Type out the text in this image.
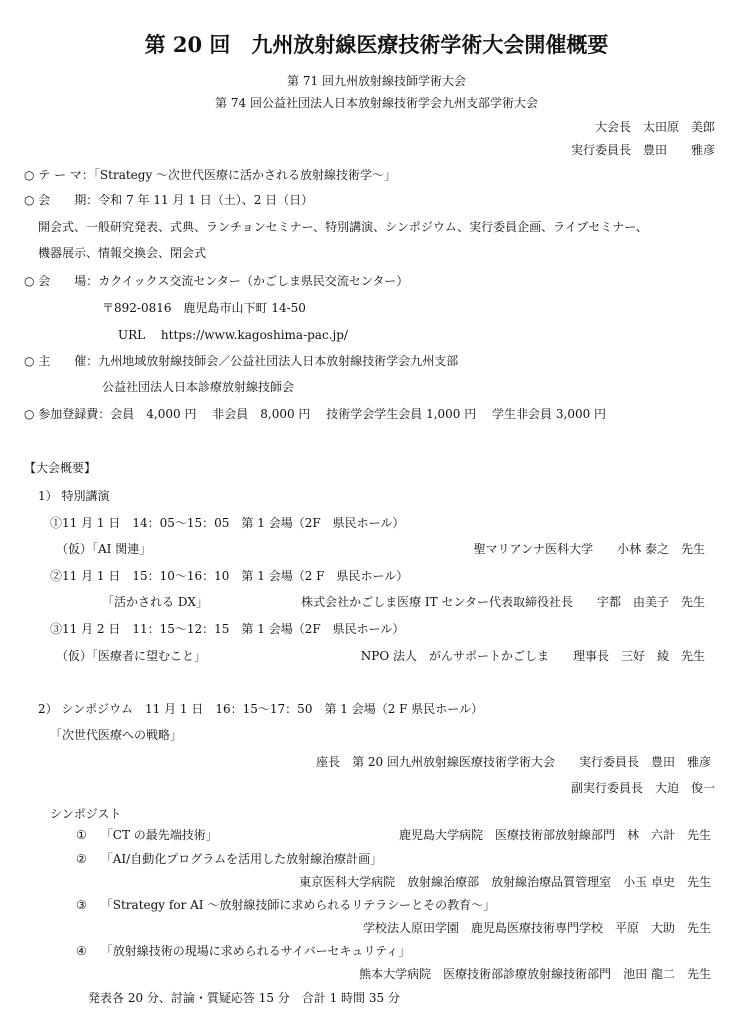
第 20 回　九州放射線医療技術学術大会開催概要
第 71 回九州放射線技師学術大会
第 74 回公益社団法人日本放射線技術学会九州支部学術大会
大会長 太田原　美郎
実行委員長 豊田　　雅彦
○ テ ー マ：「Strategy ～次世代医療に活かされる放射線技術学～」
○ 会　　期：令和 7 年 11 月 1 日（土）、2 日（日）
開会式、一般研究発表、式典、ランチョンセミナー、特別講演、シンポジウム、実行委員企画、ライブセミナー、
機器展示、情報交換会、閉会式
○ 会　　場：カクイックス交流センター（かごしま県民交流センター）
〒892-0816　鹿児島市山下町 14-50
URL　 https://www.kagoshima-pac.jp/
○ 主　　催：九州地域放射線技師会／公益社団法人日本放射線技術学会九州支部
公益社団法人日本診療放射線技師会
○ 参加登録費：会員　4,000 円　 非会員　8,000 円　 技術学会学生会員 1,000 円　 学生非会員 3,000 円
【大会概要】
1） 特別講演
①11 月 1 日　14：05～15：05　第 1 会場（2F　県民ホール）
（仮）「AI 関連」	聖マリアンナ医科大学　　小林 泰之　先生
②11 月 1 日　15：10～16：10　第 1 会場（2 F　県民ホール）
「活かされる DX」	株式会社かごしま医療 IT センター代表取締役社長　　宇都　由美子　先生
③11 月 2 日　11：15～12：15　第 1 会場（2F　県民ホール）
（仮）「医療者に望むこと」	NPO 法人　がんサポートかごしま　　理事長　三好　綾　先生
2） シンポジウム　11 月 1 日　16：15～17：50　第 1 会場（2 F 県民ホール）
「次世代医療への戦略」
座長　第 20 回九州放射線医療技術学術大会　　実行委員長　豊田　雅彦
副実行委員長　大迫　俊一
シンポジスト
① 「CT の最先端技術」	鹿児島大学病院　医療技術部放射線部門　林　六計　先生
② 「AI/自動化プログラムを活用した放射線治療計画」
東京医科大学病院　放射線治療部　放射線治療品質管理室　小玉 卓史　先生
③ 「Strategy for AI ～放射線技師に求められるリテラシーとその教育～」
学校法人原田学園　鹿児島医療技術専門学校　平原　大助　先生
④ 「放射線技術の現場に求められるサイバーセキュリティ」
熊本大学病院　医療技術部診療放射線技術部門　池田 龍二　先生
発表各 20 分、討論・質疑応答 15 分　合計 1 時間 35 分
